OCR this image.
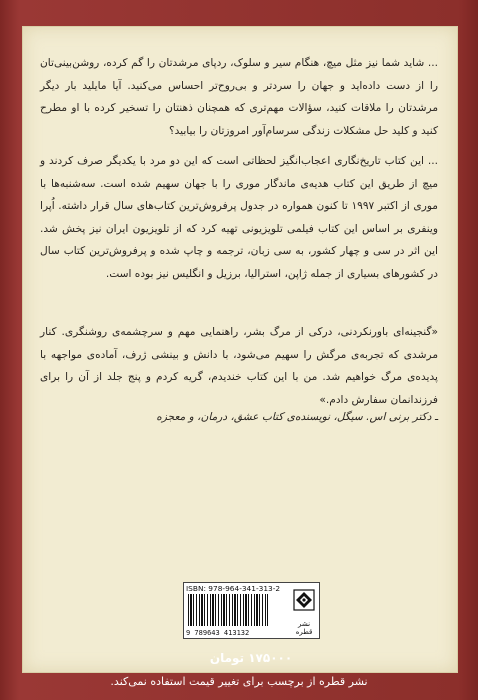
... شاید شما نیز مثل میچ، هنگام سیر و سلوک، ردپای مرشدتان را گم کرده، روشن‌بینی‌تان را از دست داده‌اید و جهان را سردتر و بی‌روح‌تر احساس می‌کنید. آیا مایلید بار دیگر مرشدتان را ملاقات کنید، سؤالات مهم‌تری که همچنان ذهنتان را تسخیر کرده با او مطرح کنید و کلید حل مشکلات زندگی سرسام‌آور امروزتان را بیابید؟

... این کتاب تاریخ‌نگاری اعجاب‌انگیز لحظاتی است که این دو مرد با یکدیگر صرف کردند و میچ از طریق این کتاب هدیه‌ی ماندگار موری را با جهان سهیم شده است. سه‌شنبه‌ها با موری از اکتبر ۱۹۹۷ تا کنون همواره در جدول پرفروش‌ترین کتاب‌های سال قرار داشته. اُپرا وینفری بر اساس این کتاب فیلمی تلویزیونی تهیه کرد که از تلویزیون ایران نیز پخش شد. این اثر در سی و چهار کشور، به سی زبان، ترجمه و چاپ شده و پرفروش‌ترین کتاب سال در کشورهای بسیاری از جمله ژاپن، استرالیا، برزیل و انگلیس نیز بوده است.

«گنجینه‌ای باورنکردنی، درکی از مرگ بشر، راهنمایی مهم و سرچشمه‌ی روشنگری. کنار مرشدی که تجربه‌ی مرگش را سهیم می‌شود، با دانش و بینشی ژرف، آماده‌ی مواجهه با پدیده‌ی مرگ خواهیم شد. من با این کتاب خندیدم، گریه کردم و پنج جلد از آن را برای فرزندانمان سفارش دادم.»

ـ دکتر برنی اس. سیگل، نویسنده‌ی کتاب عشق، درمان، و معجزه

ISBN: 978-964-341-313-2
9 789643 413132
نشر قطره
۱۷۵۰۰۰ تومان
نشر قطره از برچسب برای تغییر قیمت استفاده نمی‌کند.
